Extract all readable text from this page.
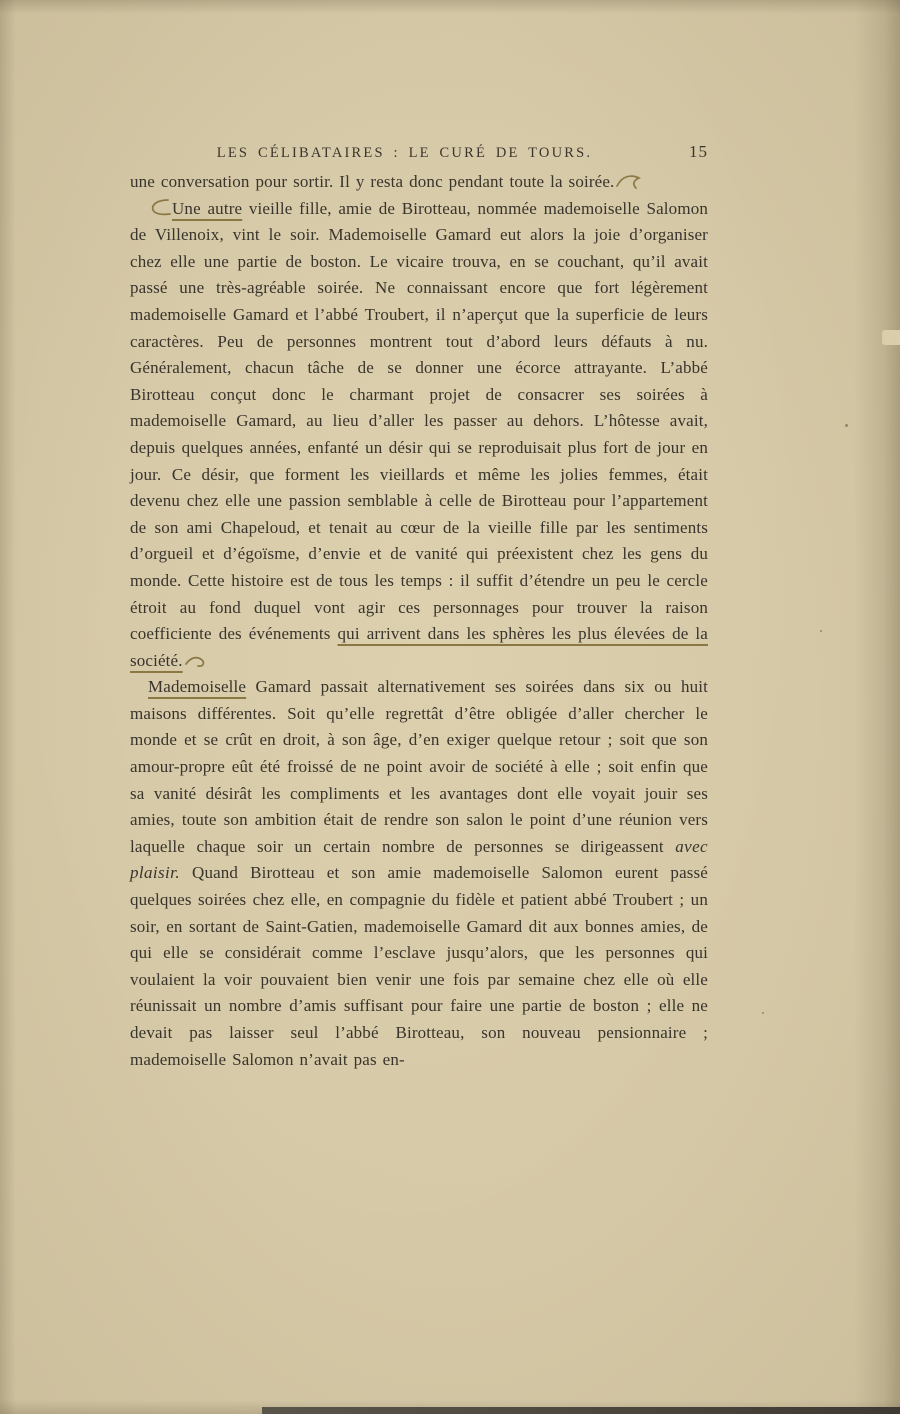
LES CÉLIBATAIRES : LE CURÉ DE TOURS.	15

une conversation pour sortir. Il y resta donc pendant toute la soirée.

Une autre vieille fille, amie de Birotteau, nommée mademoiselle Salomon de Villenoix, vint le soir. Mademoiselle Gamard eut alors la joie d’organiser chez elle une partie de boston. Le vicaire trouva, en se couchant, qu’il avait passé une très-agréable soirée. Ne connaissant encore que fort légèrement mademoiselle Gamard et l’abbé Troubert, il n’aperçut que la superficie de leurs caractères. Peu de personnes montrent tout d’abord leurs défauts à nu. Généralement, chacun tâche de se donner une écorce attrayante. L’abbé Birotteau conçut donc le charmant projet de consacrer ses soirées à mademoiselle Gamard, au lieu d’aller les passer au dehors. L’hôtesse avait, depuis quelques années, enfanté un désir qui se reproduisait plus fort de jour en jour. Ce désir, que forment les vieillards et même les jolies femmes, était devenu chez elle une passion semblable à celle de Birotteau pour l’appartement de son ami Chapeloud, et tenait au cœur de la vieille fille par les sentiments d’orgueil et d’égoïsme, d’envie et de vanité qui préexistent chez les gens du monde. Cette histoire est de tous les temps : il suffit d’étendre un peu le cercle étroit au fond duquel vont agir ces personnages pour trouver la raison coefficiente des événements qui arrivent dans les sphères les plus élevées de la société.

Mademoiselle Gamard passait alternativement ses soirées dans six ou huit maisons différentes. Soit qu’elle regrettât d’être obligée d’aller chercher le monde et se crût en droit, à son âge, d’en exiger quelque retour ; soit que son amour-propre eût été froissé de ne point avoir de société à elle ; soit enfin que sa vanité désirât les compliments et les avantages dont elle voyait jouir ses amies, toute son ambition était de rendre son salon le point d’une réunion vers laquelle chaque soir un certain nombre de personnes se dirigeassent avec plaisir. Quand Birotteau et son amie mademoiselle Salomon eurent passé quelques soirées chez elle, en compagnie du fidèle et patient abbé Troubert ; un soir, en sortant de Saint-Gatien, mademoiselle Gamard dit aux bonnes amies, de qui elle se considérait comme l’esclave jusqu’alors, que les personnes qui voulaient la voir pouvaient bien venir une fois par semaine chez elle où elle réunissait un nombre d’amis suffisant pour faire une partie de boston ; elle ne devait pas laisser seul l’abbé Birotteau, son nouveau pensionnaire ; mademoiselle Salomon n’avait pas en-
